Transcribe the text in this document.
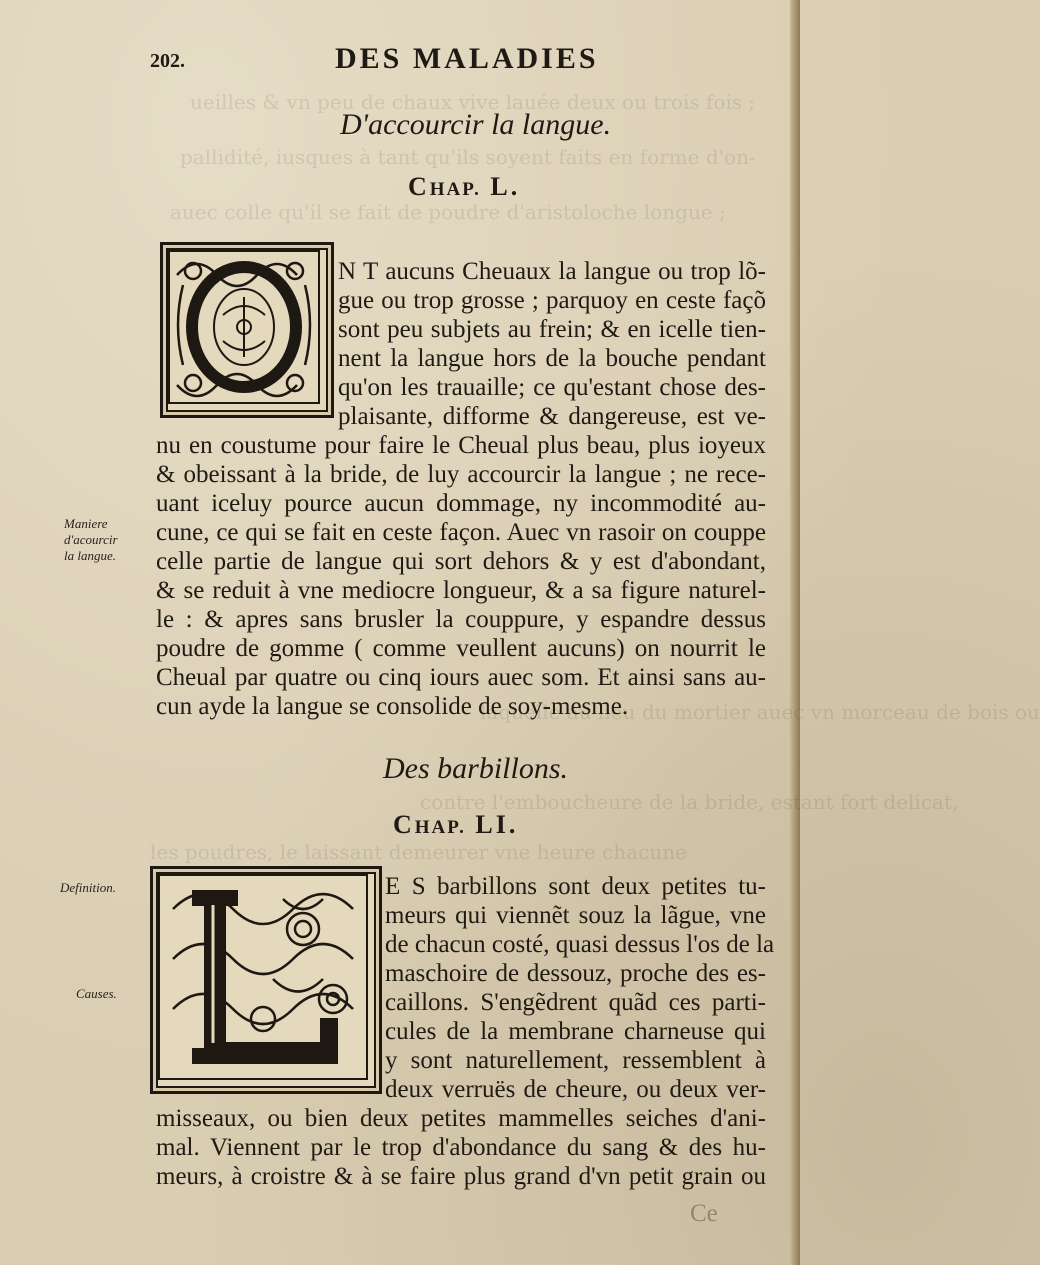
ueilles & vn peu de chaux vive lauée deux ou trois fois ;
pallidité, iusques à tant qu'ils soyent faits en forme d'on-
auec colle qu'il se fait de poudre d'aristoloche longue ;
laquelle au lieu du mortier auec vn morceau de bois ou
contre l'emboucheure de la bride, estant fort delicat,
les poudres, le laissant demeurer vne heure chacune
202.	DES MALADIES
D'accourcir la langue.
CHAP. L.
N T aucuns Cheuaux la langue ou trop lõ-
gue ou trop grosse ; parquoy en ceste façõ
sont peu subjets au frein; & en icelle tien-
nent la langue hors de la bouche pendant
qu'on les trauaille; ce qu'estant chose des-
plaisante, difforme & dangereuse, est ve-
nu en coustume pour faire le Cheual plus beau, plus ioyeux
& obeissant à la bride, de luy accourcir la langue ; ne rece-
uant iceluy pource aucun dommage, ny incommodité au-
cune, ce qui se fait en ceste façon. Auec vn rasoir on couppe
celle partie de langue qui sort dehors & y est d'abondant,
& se reduit à vne mediocre longueur, & a sa figure naturel-
le : & apres sans brusler la couppure, y espandre dessus
poudre de gomme ( comme veullent aucuns) on nourrit le
Cheual par quatre ou cinq iours auec som. Et ainsi sans au-
cun ayde la langue se consolide de soy-mesme.
Maniere
d'acourcir
la langue.
Des barbillons.
CHAP. LI.
E S barbillons sont deux petites tu-
meurs qui viennẽt souz la lãgue, vne
de chacun costé, quasi dessus l'os de la
maschoire de dessouz, proche des es-
caillons. S'engẽdrent quãd ces parti-
cules de la membrane charneuse qui
y sont naturellement, ressemblent à
deux verruës de cheure, ou deux ver-
misseaux, ou bien deux petites mammelles seiches d'ani-
mal. Viennent par le trop d'abondance du sang & des hu-
meurs, à croistre & à se faire plus grand d'vn petit grain ou
Definition.
Causes.
Ce
